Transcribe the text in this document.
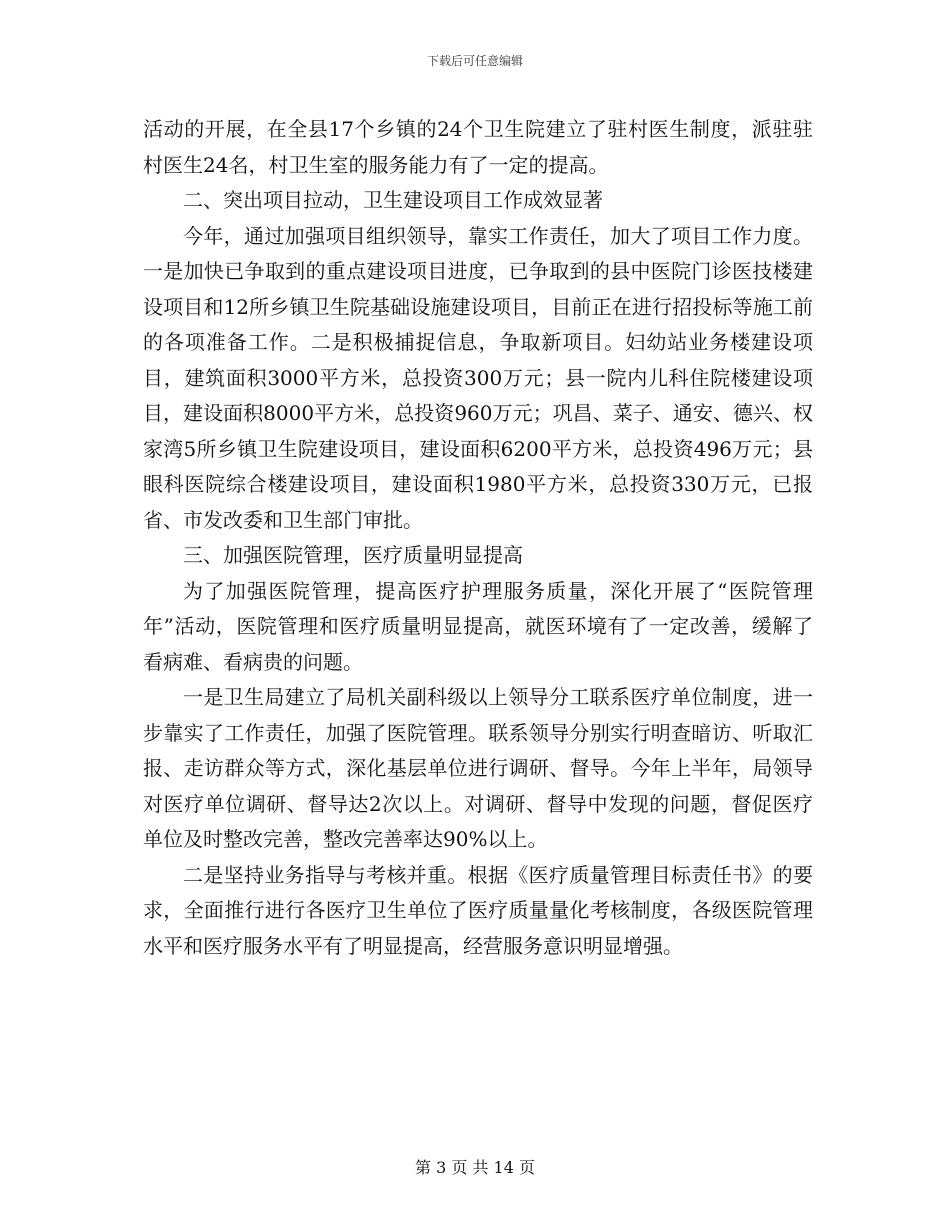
下载后可任意编辑

活动的开展，在全县17个乡镇的24个卫生院建立了驻村医生制度，派驻驻村医生24名，村卫生室的服务能力有了一定的提高。

二、突出项目拉动，卫生建设项目工作成效显著

今年，通过加强项目组织领导，靠实工作责任，加大了项目工作力度。一是加快已争取到的重点建设项目进度，已争取到的县中医院门诊医技楼建设项目和12所乡镇卫生院基础设施建设项目，目前正在进行招投标等施工前的各项准备工作。二是积极捕捉信息，争取新项目。妇幼站业务楼建设项目，建筑面积3000平方米，总投资300万元；县一院内儿科住院楼建设项目，建设面积8000平方米，总投资960万元；巩昌、菜子、通安、德兴、权家湾5所乡镇卫生院建设项目，建设面积6200平方米，总投资496万元；县眼科医院综合楼建设项目，建设面积1980平方米，总投资330万元，已报省、市发改委和卫生部门审批。

三、加强医院管理，医疗质量明显提高

为了加强医院管理，提高医疗护理服务质量，深化开展了“医院管理年”活动，医院管理和医疗质量明显提高，就医环境有了一定改善，缓解了看病难、看病贵的问题。

一是卫生局建立了局机关副科级以上领导分工联系医疗单位制度，进一步靠实了工作责任，加强了医院管理。联系领导分别实行明查暗访、听取汇报、走访群众等方式，深化基层单位进行调研、督导。今年上半年，局领导对医疗单位调研、督导达2次以上。对调研、督导中发现的问题，督促医疗单位及时整改完善，整改完善率达90%以上。

二是坚持业务指导与考核并重。根据《医疗质量管理目标责任书》的要求，全面推行进行各医疗卫生单位了医疗质量量化考核制度，各级医院管理水平和医疗服务水平有了明显提高，经营服务意识明显增强。

第 3 页 共 14 页
